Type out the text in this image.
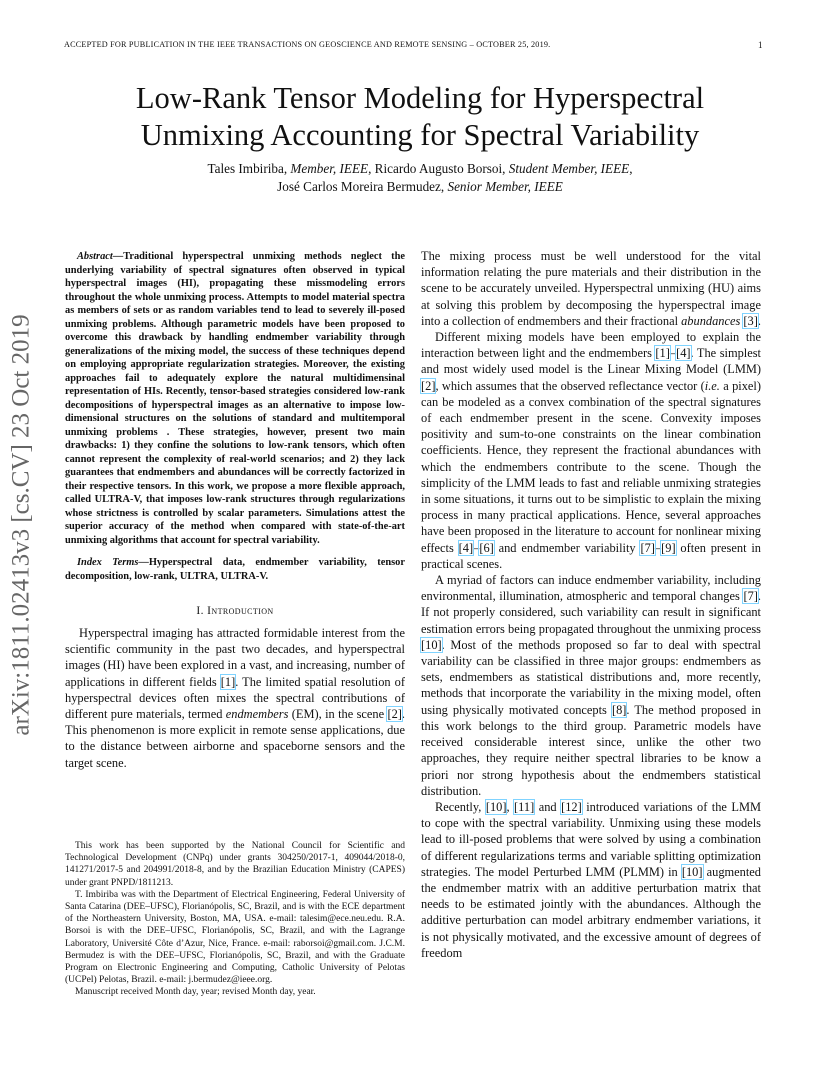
ACCEPTED FOR PUBLICATION IN THE IEEE TRANSACTIONS ON GEOSCIENCE AND REMOTE SENSING – OCTOBER 25, 2019.	1
arXiv:1811.02413v3 [cs.CV] 23 Oct 2019
Low-Rank Tensor Modeling for Hyperspectral
Unmixing Accounting for Spectral Variability
Tales Imbiriba, Member, IEEE, Ricardo Augusto Borsoi, Student Member, IEEE,
José Carlos Moreira Bermudez, Senior Member, IEEE

Abstract—Traditional hyperspectral unmixing methods neglect the underlying variability of spectral signatures often observed in typical hyperspectral images (HI), propagating these missmodeling errors throughout the whole unmixing process. Attempts to model material spectra as members of sets or as random variables tend to lead to severely ill-posed unmixing problems. Although parametric models have been proposed to overcome this drawback by handling endmember variability through generalizations of the mixing model, the success of these techniques depend on employing appropriate regularization strategies. Moreover, the existing approaches fail to adequately explore the natural multidimensinal representation of HIs. Recently, tensor-based strategies considered low-rank decompositions of hyperspectral images as an alternative to impose low-dimensional structures on the solutions of standard and multitemporal unmixing problems . These strategies, however, present two main drawbacks: 1) they confine the solutions to low-rank tensors, which often cannot represent the complexity of real-world scenarios; and 2) they lack guarantees that endmembers and abundances will be correctly factorized in their respective tensors. In this work, we propose a more flexible approach, called ULTRA-V, that imposes low-rank structures through regularizations whose strictness is controlled by scalar parameters. Simulations attest the superior accuracy of the method when compared with state-of-the-art unmixing algorithms that account for spectral variability.

Index Terms—Hyperspectral data, endmember variability, tensor decomposition, low-rank, ULTRA, ULTRA-V.

I. Introduction

Hyperspectral imaging has attracted formidable interest from the scientific community in the past two decades, and hyperspectral images (HI) have been explored in a vast, and increasing, number of applications in different fields [1]. The limited spatial resolution of hyperspectral devices often mixes the spectral contributions of different pure materials, termed endmembers (EM), in the scene [2]. This phenomenon is more explicit in remote sense applications, due to the distance between airborne and spaceborne sensors and the target scene.

This work has been supported by the National Council for Scientific and Technological Development (CNPq) under grants 304250/2017-1, 409044/2018-0, 141271/2017-5 and 204991/2018-8, and by the Brazilian Education Ministry (CAPES) under grant PNPD/1811213.

T. Imbiriba was with the Department of Electrical Engineering, Federal University of Santa Catarina (DEE–UFSC), Florianópolis, SC, Brazil, and is with the ECE department of the Northeastern University, Boston, MA, USA. e-mail: talesim@ece.neu.edu. R.A. Borsoi is with the DEE–UFSC, Florianópolis, SC, Brazil, and with the Lagrange Laboratory, Université Côte d’Azur, Nice, France. e-mail: raborsoi@gmail.com. J.C.M. Bermudez is with the DEE–UFSC, Florianópolis, SC, Brazil, and with the Graduate Program on Electronic Engineering and Computing, Catholic University of Pelotas (UCPel) Pelotas, Brazil. e-mail: j.bermudez@ieee.org.

Manuscript received Month day, year; revised Month day, year.

The mixing process must be well understood for the vital information relating the pure materials and their distribution in the scene to be accurately unveiled. Hyperspectral unmixing (HU) aims at solving this problem by decomposing the hyperspectral image into a collection of endmembers and their fractional abundances [3].

Different mixing models have been employed to explain the interaction between light and the endmembers [1]–[4]. The simplest and most widely used model is the Linear Mixing Model (LMM) [2], which assumes that the observed reflectance vector (i.e. a pixel) can be modeled as a convex combination of the spectral signatures of each endmember present in the scene. Convexity imposes positivity and sum-to-one constraints on the linear combination coefficients. Hence, they represent the fractional abundances with which the endmembers contribute to the scene. Though the simplicity of the LMM leads to fast and reliable unmixing strategies in some situations, it turns out to be simplistic to explain the mixing process in many practical applications. Hence, several approaches have been proposed in the literature to account for nonlinear mixing effects [4]–[6] and endmember variability [7]–[9] often present in practical scenes.

A myriad of factors can induce endmember variability, including environmental, illumination, atmospheric and temporal changes [7]. If not properly considered, such variability can result in significant estimation errors being propagated throughout the unmixing process [10]. Most of the methods proposed so far to deal with spectral variability can be classified in three major groups: endmembers as sets, endmembers as statistical distributions and, more recently, methods that incorporate the variability in the mixing model, often using physically motivated concepts [8]. The method proposed in this work belongs to the third group. Parametric models have received considerable interest since, unlike the other two approaches, they require neither spectral libraries to be know a priori nor strong hypothesis about the endmembers statistical distribution.

Recently, [10], [11] and [12] introduced variations of the LMM to cope with the spectral variability. Unmixing using these models lead to ill-posed problems that were solved by using a combination of different regularizations terms and variable splitting optimization strategies. The model Perturbed LMM (PLMM) in [10] augmented the endmember matrix with an additive perturbation matrix that needs to be estimated jointly with the abundances. Although the additive perturbation can model arbitrary endmember variations, it is not physically motivated, and the excessive amount of degrees of freedom
